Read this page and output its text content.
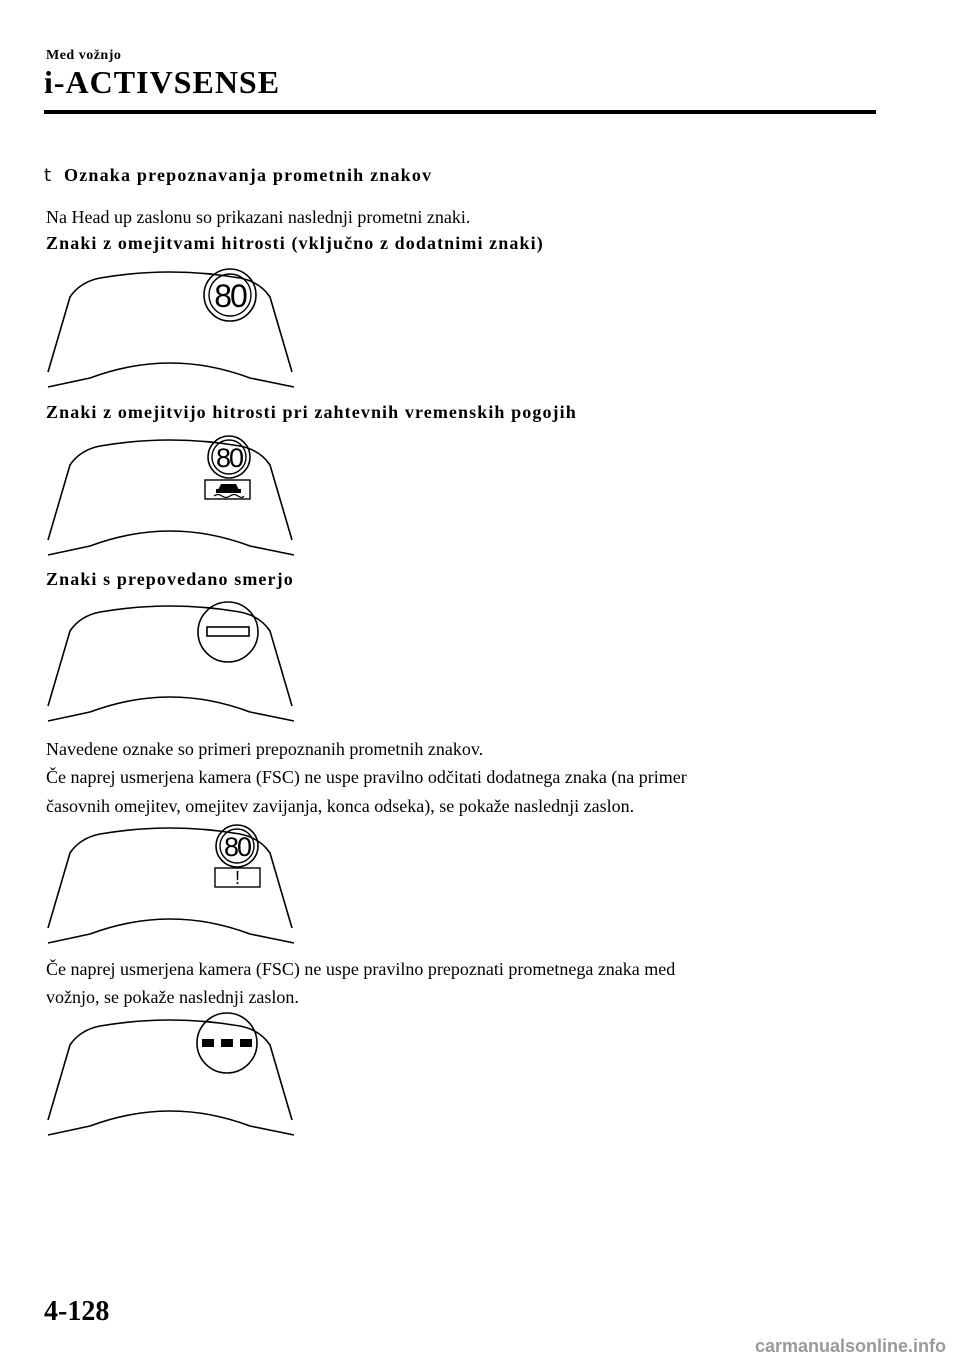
Med vožnjo
i-ACTIVSENSE
t Oznaka prepoznavanja prometnih znakov
Na Head up zaslonu so prikazani naslednji prometni znaki.
Znaki z omejitvami hitrosti (vključno z dodatnimi znaki)
80
Znaki z omejitvijo hitrosti pri zahtevnih vremenskih pogojih
80
Znaki s prepovedano smerjo
Navedene oznake so primeri prepoznanih prometnih znakov.
Če naprej usmerjena kamera (FSC) ne uspe pravilno odčitati dodatnega znaka (na primer
časovnih omejitev, omejitev zavijanja, konca odseka), se pokaže naslednji zaslon.
80
!
Če naprej usmerjena kamera (FSC) ne uspe pravilno prepoznati prometnega znaka med
vožnjo, se pokaže naslednji zaslon.
4-128
carmanualsonline.info
